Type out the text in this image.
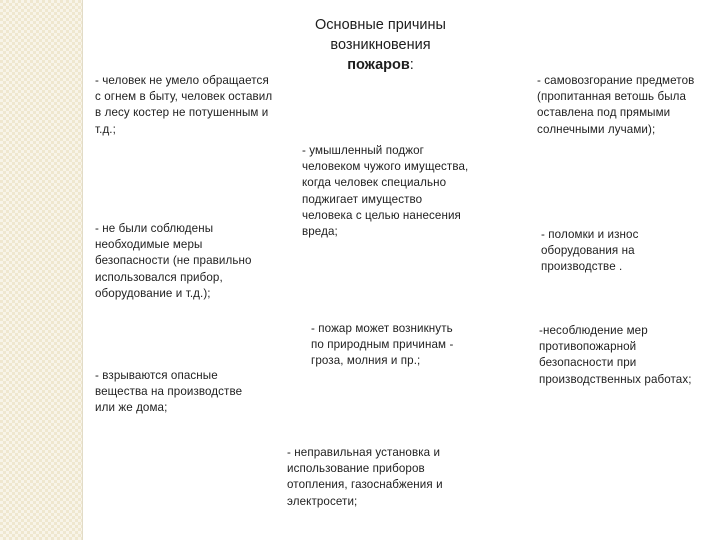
Основные причины
возникновения
пожаров:

- человек не умело обращается с огнем в быту, человек оставил в лесу костер не потушенным и т.д.;

- самовозгорание предметов (пропитанная ветошь была оставлена под прямыми солнечными лучами);

- умышленный поджог человеком чужого имущества, когда человек специально поджигает имущество человека с целью нанесения вреда;

- не были соблюдены необходимые меры безопасности (не правильно использовался прибор, оборудование и т.д.);

- поломки и износ оборудования на производстве .

- пожар может возникнуть по природным причинам - гроза, молния и пр.;

-несоблюдение мер противопожарной безопасности при производственных работах;

- взрываются опасные вещества на производстве или же дома;

- неправильная установка и использование приборов отопления, газоснабжения и электросети;
